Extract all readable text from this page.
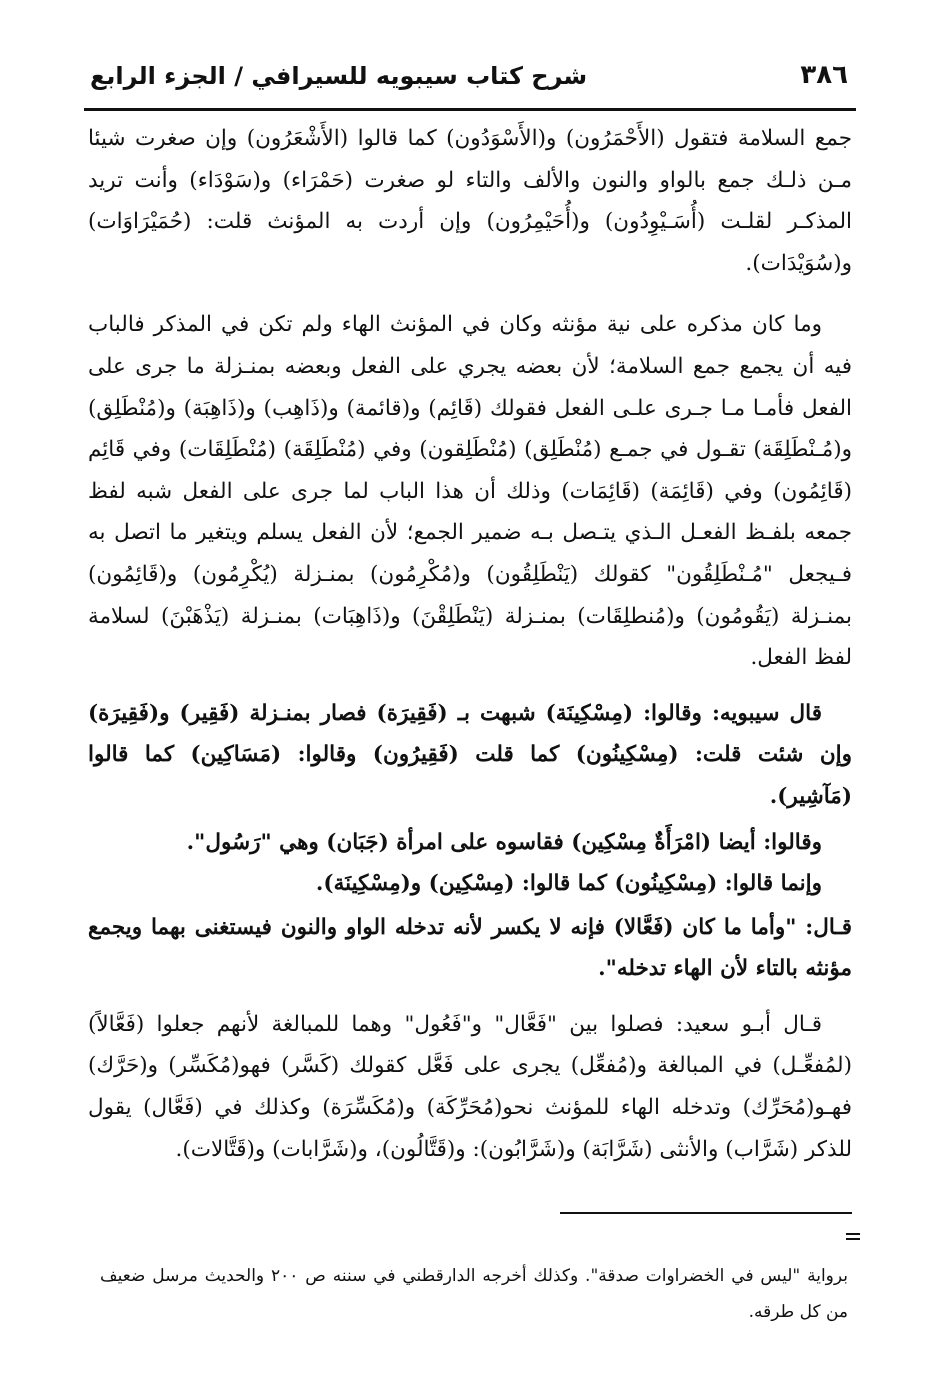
٣٨٦
شرح كتاب سيبويه للسيرافي / الجزء الرابع

جمع السلامة فتقول (الأَحْمَرُون) و(الأَسْوَدُون) كما قالوا (الأَشْعَرُون) وإن صغرت شيئا مـن ذلـك جمع بالواو والنون والألف والتاء لو صغرت (حَمْرَاء) و(سَوْدَاء) وأنت تريد المذكـر لقلـت (أُسَـيْوِدُون) و(أُحَيْمِرُون) وإن أردت به المؤنث قلت: (حُمَيْرَاوَات) و(سُوَيْدَات).

وما كان مذكره على نية مؤنثه وكان في المؤنث الهاء ولم تكن في المذكر فالباب فيه أن يجمع جمع السلامة؛ لأن بعضه يجري على الفعل وبعضه بمنـزلة ما جرى على الفعل فأمـا مـا جـرى علـى الفعل فقولك (قَائِم) و(قائمة) و(ذَاهِب) و(ذَاهِبَة) و(مُنْطَلِق) و(مُـنْطَلِقَة) تقـول في جمـع (مُنْطَلِق) (مُنْطَلِقون) وفي (مُنْطَلِقَة) (مُنْطَلِقَات) وفي قَائِم (قَائِمُون) وفي (قَائِمَة) (قَائِمَات) وذلك أن هذا الباب لما جرى على الفعل شبه لفظ جمعه بلفـظ الفعـل الـذي يتـصل بـه ضمير الجمع؛ لأن الفعل يسلم ويتغير ما اتصل به فـيجعل "مُـنْطَلِقُون" كقولك (يَنْطَلِقُون) و(مُكْرِمُون) بمنـزلة (يُكْرِمُون) و(قَائِمُون) بمنـزلة (يَقُومُون) و(مُنطلِقَات) بمنـزلة (يَنْطَلِقْنَ) و(ذَاهِبَات) بمنـزلة (يَذْهَبْنَ) لسلامة لفظ الفعل.

قال سيبويه: وقالوا: (مِسْكِينَة) شبهت بـ (فَقِيرَة) فصار بمنـزلة (فَقِير) و(فَقِيرَة) وإن شئت قلت: (مِسْكِينُون) كما قلت (فَقِيرُون) وقالوا: (مَسَاكِين) كما قالوا (مَآشِير).

وقالوا: أيضا (امْرَأَةٌ مِسْكِين) فقاسوه على امرأة (جَبَان) وهي "رَسُول".

وإنما قالوا: (مِسْكِينُون) كما قالوا: (مِسْكِين) و(مِسْكِينَة).

قـال: "وأما ما كان (فَعَّالا) فإنه لا يكسر لأنه تدخله الواو والنون فيستغنى بهما ويجمع مؤنثه بالتاء لأن الهاء تدخله".

قـال أبـو سعيد: فصلوا بين "فَعَّال" و"فَعُول" وهما للمبالغة لأنهم جعلوا (فَعَّالاً) (لمُفعِّـل) في المبالغة و(مُفعِّل) يجرى على فَعَّل كقولك (كَسَّر) فهو(مُكَسِّر) و(حَرَّك) فهـو(مُحَرِّك) وتدخله الهاء للمؤنث نحو(مُحَرِّكَة) و(مُكَسِّرَة) وكذلك في (فَعَّال) يقول للذكر (شَرَّاب) والأنثى (شَرَّابَة) و(شَرَّابُون): و(قَتَّالُون)، و(شَرَّابات) و(قَتَّالات).

برواية "ليس في الخضراوات صدقة". وكذلك أخرجه الدارقطني في سننه ص ٢٠٠ والحديث مرسل ضعيف من كل طرقه.
